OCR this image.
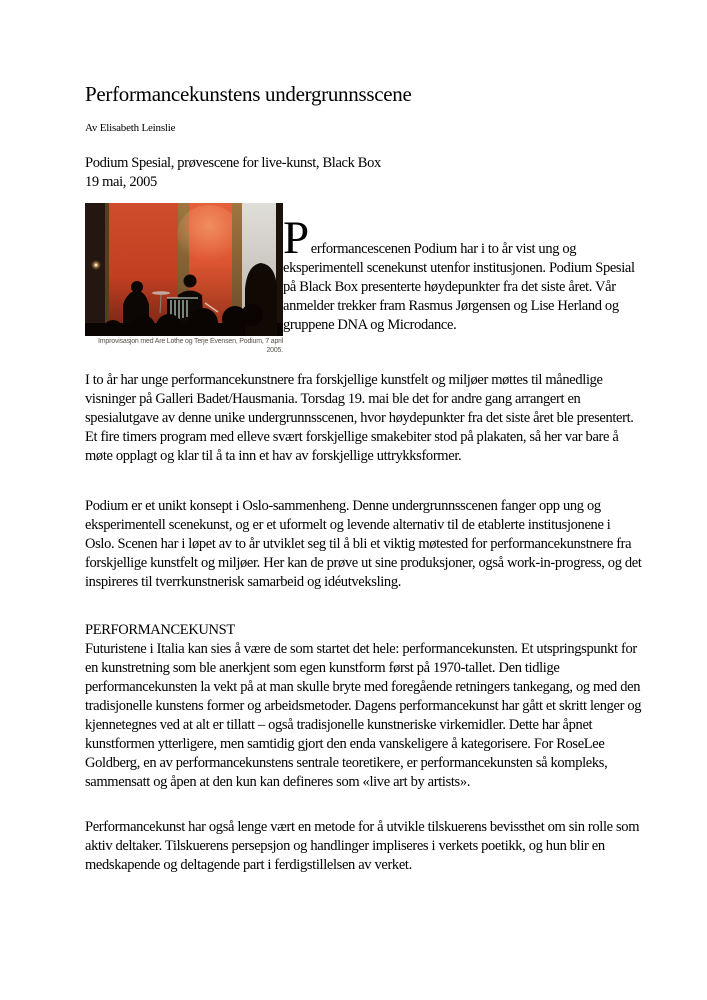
Performancekunstens undergrunnsscene
Av Elisabeth Leinslie
Podium Spesial, prøvescene for live-kunst, Black Box
19 mai, 2005
Improvisasjon med Are Lothe og Terje Evensen, Podium, 7 april 2005.
Performancescenen Podium har i to år vist ung og eksperimentell scenekunst utenfor institusjonen. Podium Spesial på Black Box presenterte høydepunkter fra det siste året. Vår anmelder trekker fram Rasmus Jørgensen og Lise Herland og gruppene DNA og Microdance.

I to år har unge performancekunstnere fra forskjellige kunstfelt og miljøer møttes til månedlige visninger på Galleri Badet/Hausmania. Torsdag 19. mai ble det for andre gang arrangert en spesialutgave av denne unike undergrunnsscenen, hvor høydepunkter fra det siste året ble presentert. Et fire timers program med elleve svært forskjellige smakebiter stod på plakaten, så her var bare å møte opplagt og klar til å ta inn et hav av forskjellige uttrykksformer.

Podium er et unikt konsept i Oslo-sammenheng. Denne undergrunnsscenen fanger opp ung og eksperimentell scenekunst, og er et uformelt og levende alternativ til de etablerte institusjonene i Oslo. Scenen har i løpet av to år utviklet seg til å bli et viktig møtested for performancekunstnere fra forskjellige kunstfelt og miljøer. Her kan de prøve ut sine produksjoner, også work-in-progress, og det inspireres til tverrkunstnerisk samarbeid og idéutveksling.

PERFORMANCEKUNST
Futuristene i Italia kan sies å være de som startet det hele: performancekunsten. Et utspringspunkt for en kunstretning som ble anerkjent som egen kunstform først på 1970-tallet. Den tidlige performancekunsten la vekt på at man skulle bryte med foregående retningers tankegang, og med den tradisjonelle kunstens former og arbeidsmetoder. Dagens performancekunst har gått et skritt lenger og kjennetegnes ved at alt er tillatt – også tradisjonelle kunstneriske virkemidler. Dette har åpnet kunstformen ytterligere, men samtidig gjort den enda vanskeligere å kategorisere. For RoseLee Goldberg, en av performancekunstens sentrale teoretikere, er performancekunsten så kompleks, sammensatt og åpen at den kun kan defineres som «live art by artists».

Performancekunst har også lenge vært en metode for å utvikle tilskuerens bevissthet om sin rolle som aktiv deltaker. Tilskuerens persepsjon og handlinger impliseres i verkets poetikk, og hun blir en medskapende og deltagende part i ferdigstillelsen av verket.
